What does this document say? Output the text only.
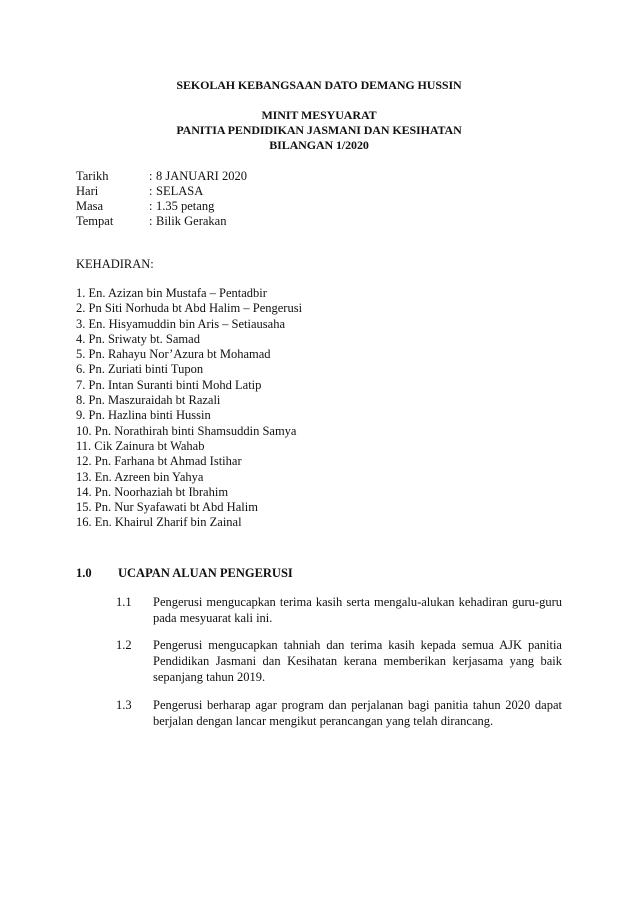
SEKOLAH KEBANGSAAN DATO DEMANG HUSSIN
MINIT MESYUARAT
PANITIA PENDIDIKAN JASMANI DAN KESIHATAN
BILANGAN 1/2020
Tarikh	: 8 JANUARI 2020
Hari	: SELASA
Masa	: 1.35 petang
Tempat	: Bilik Gerakan
KEHADIRAN:
1. En. Azizan bin Mustafa – Pentadbir
2. Pn Siti Norhuda bt Abd Halim – Pengerusi
3. En. Hisyamuddin bin Aris – Setiausaha
4. Pn. Sriwaty bt. Samad
5. Pn. Rahayu Nor’Azura bt Mohamad
6. Pn. Zuriati binti Tupon
7. Pn. Intan Suranti binti Mohd Latip
8. Pn. Maszuraidah bt Razali
9. Pn. Hazlina binti Hussin
10. Pn. Norathirah binti Shamsuddin Samya
11. Cik Zainura bt Wahab
12. Pn. Farhana bt Ahmad Istihar
13. En. Azreen bin Yahya
14. Pn. Noorhaziah bt Ibrahim
15. Pn. Nur Syafawati bt Abd Halim
16. En. Khairul Zharif bin Zainal
1.0 UCAPAN ALUAN PENGERUSI
1.1 Pengerusi mengucapkan terima kasih serta mengalu-alukan kehadiran guru-guru pada mesyuarat kali ini.
1.2 Pengerusi mengucapkan tahniah dan terima kasih kepada semua AJK panitia Pendidikan Jasmani dan Kesihatan kerana memberikan kerjasama yang baik sepanjang tahun 2019.
1.3 Pengerusi berharap agar program dan perjalanan bagi panitia tahun 2020 dapat berjalan dengan lancar mengikut perancangan yang telah dirancang.
